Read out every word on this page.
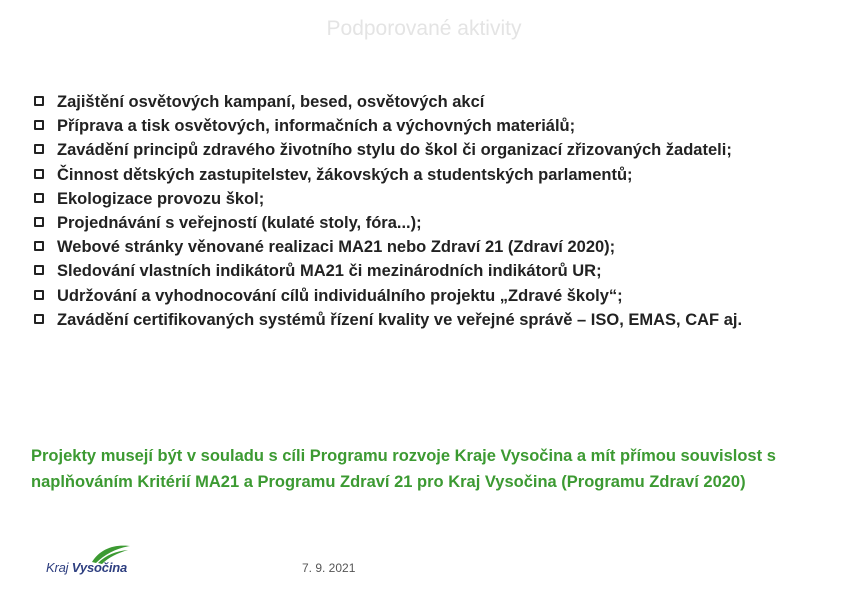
Podporované aktivity
Zajištění osvětových kampaní, besed, osvětových akcí
Příprava a tisk osvětových, informačních a výchovných materiálů;
Zavádění principů zdravého životního stylu do škol či organizací zřizovaných žadateli;
Činnost dětských zastupitelstev, žákovských a studentských parlamentů;
Ekologizace provozu škol;
Projednávání s veřejností (kulaté stoly, fóra...);
Webové stránky věnované realizaci MA21 nebo Zdraví 21 (Zdraví 2020);
Sledování vlastních indikátorů MA21 či mezinárodních indikátorů UR;
Udržování a vyhodnocování cílů individuálního projektu „Zdravé školy“;
Zavádění certifikovaných systémů řízení kvality ve veřejné správě – ISO, EMAS, CAF aj.

Projekty musejí být v souladu s cíli Programu rozvoje Kraje Vysočina a mít přímou souvislost s naplňováním Kritérií MA21 a Programu Zdraví 21 pro Kraj Vysočina (Programu Zdraví 2020)

Kraj Vysočina	7. 9. 2021
